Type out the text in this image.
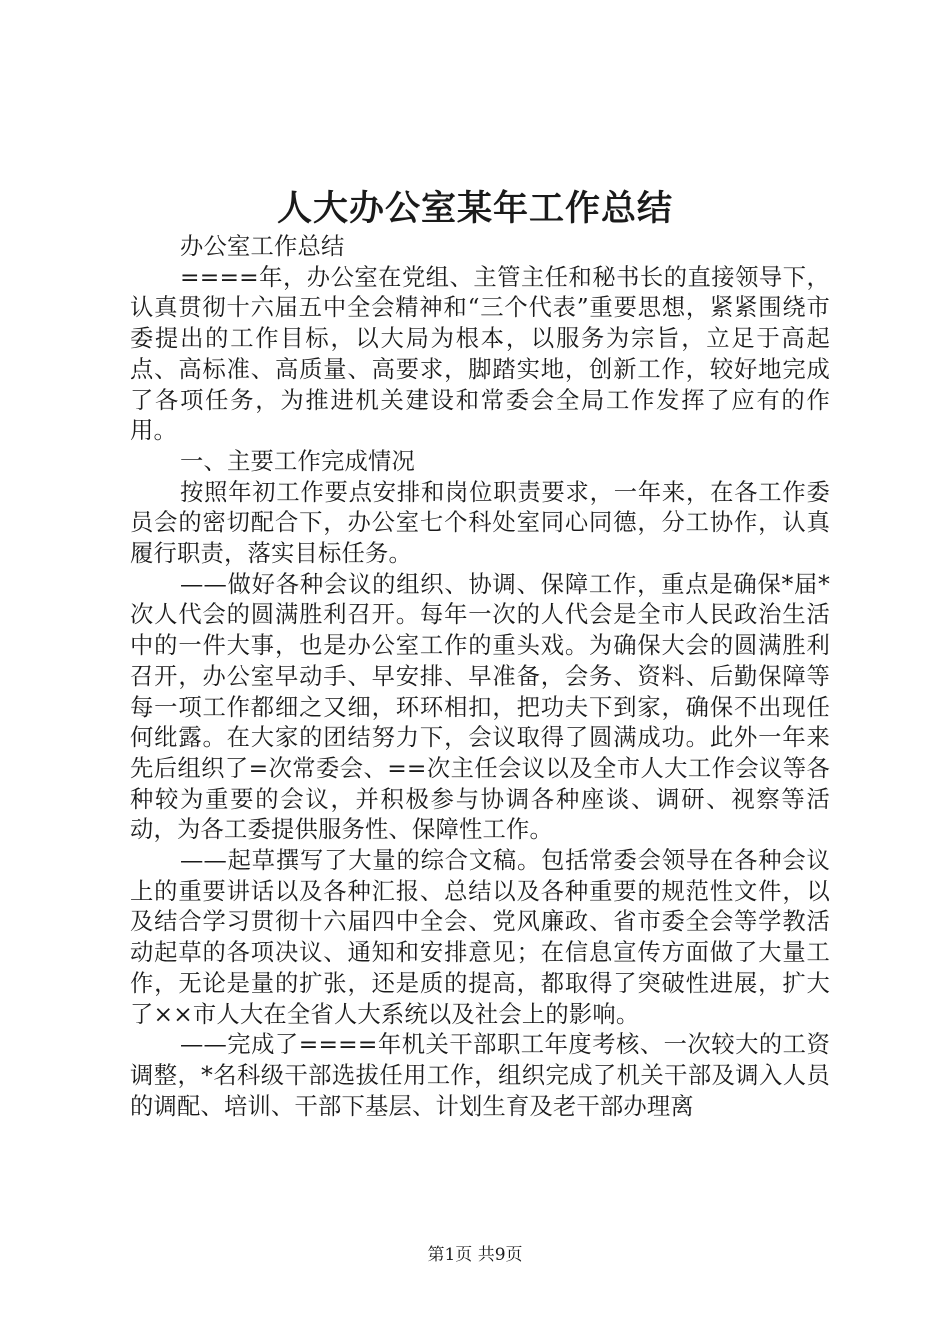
人大办公室某年工作总结

办公室工作总结

====年，办公室在党组、主管主任和秘书长的直接领导下，认真贯彻十六届五中全会精神和“三个代表”重要思想，紧紧围绕市委提出的工作目标，以大局为根本，以服务为宗旨，立足于高起点、高标准、高质量、高要求，脚踏实地，创新工作，较好地完成了各项任务，为推进机关建设和常委会全局工作发挥了应有的作用。

一、主要工作完成情况

按照年初工作要点安排和岗位职责要求，一年来，在各工作委员会的密切配合下，办公室七个科处室同心同德，分工协作，认真履行职责，落实目标任务。

——做好各种会议的组织、协调、保障工作，重点是确保*届*次人代会的圆满胜利召开。每年一次的人代会是全市人民政治生活中的一件大事，也是办公室工作的重头戏。为确保大会的圆满胜利召开，办公室早动手、早安排、早准备，会务、资料、后勤保障等每一项工作都细之又细，环环相扣，把功夫下到家，确保不出现任何纰露。在大家的团结努力下，会议取得了圆满成功。此外一年来先后组织了=次常委会、==次主任会议以及全市人大工作会议等各种较为重要的会议，并积极参与协调各种座谈、调研、视察等活动，为各工委提供服务性、保障性工作。

——起草撰写了大量的综合文稿。包括常委会领导在各种会议上的重要讲话以及各种汇报、总结以及各种重要的规范性文件，以及结合学习贯彻十六届四中全会、党风廉政、省市委全会等学教活动起草的各项决议、通知和安排意见；在信息宣传方面做了大量工作，无论是量的扩张，还是质的提高，都取得了突破性进展，扩大了××市人大在全省人大系统以及社会上的影响。

——完成了====年机关干部职工年度考核、一次较大的工资调整，*名科级干部选拔任用工作，组织完成了机关干部及调入人员的调配、培训、干部下基层、计划生育及老干部办理离

第1页 共9页
